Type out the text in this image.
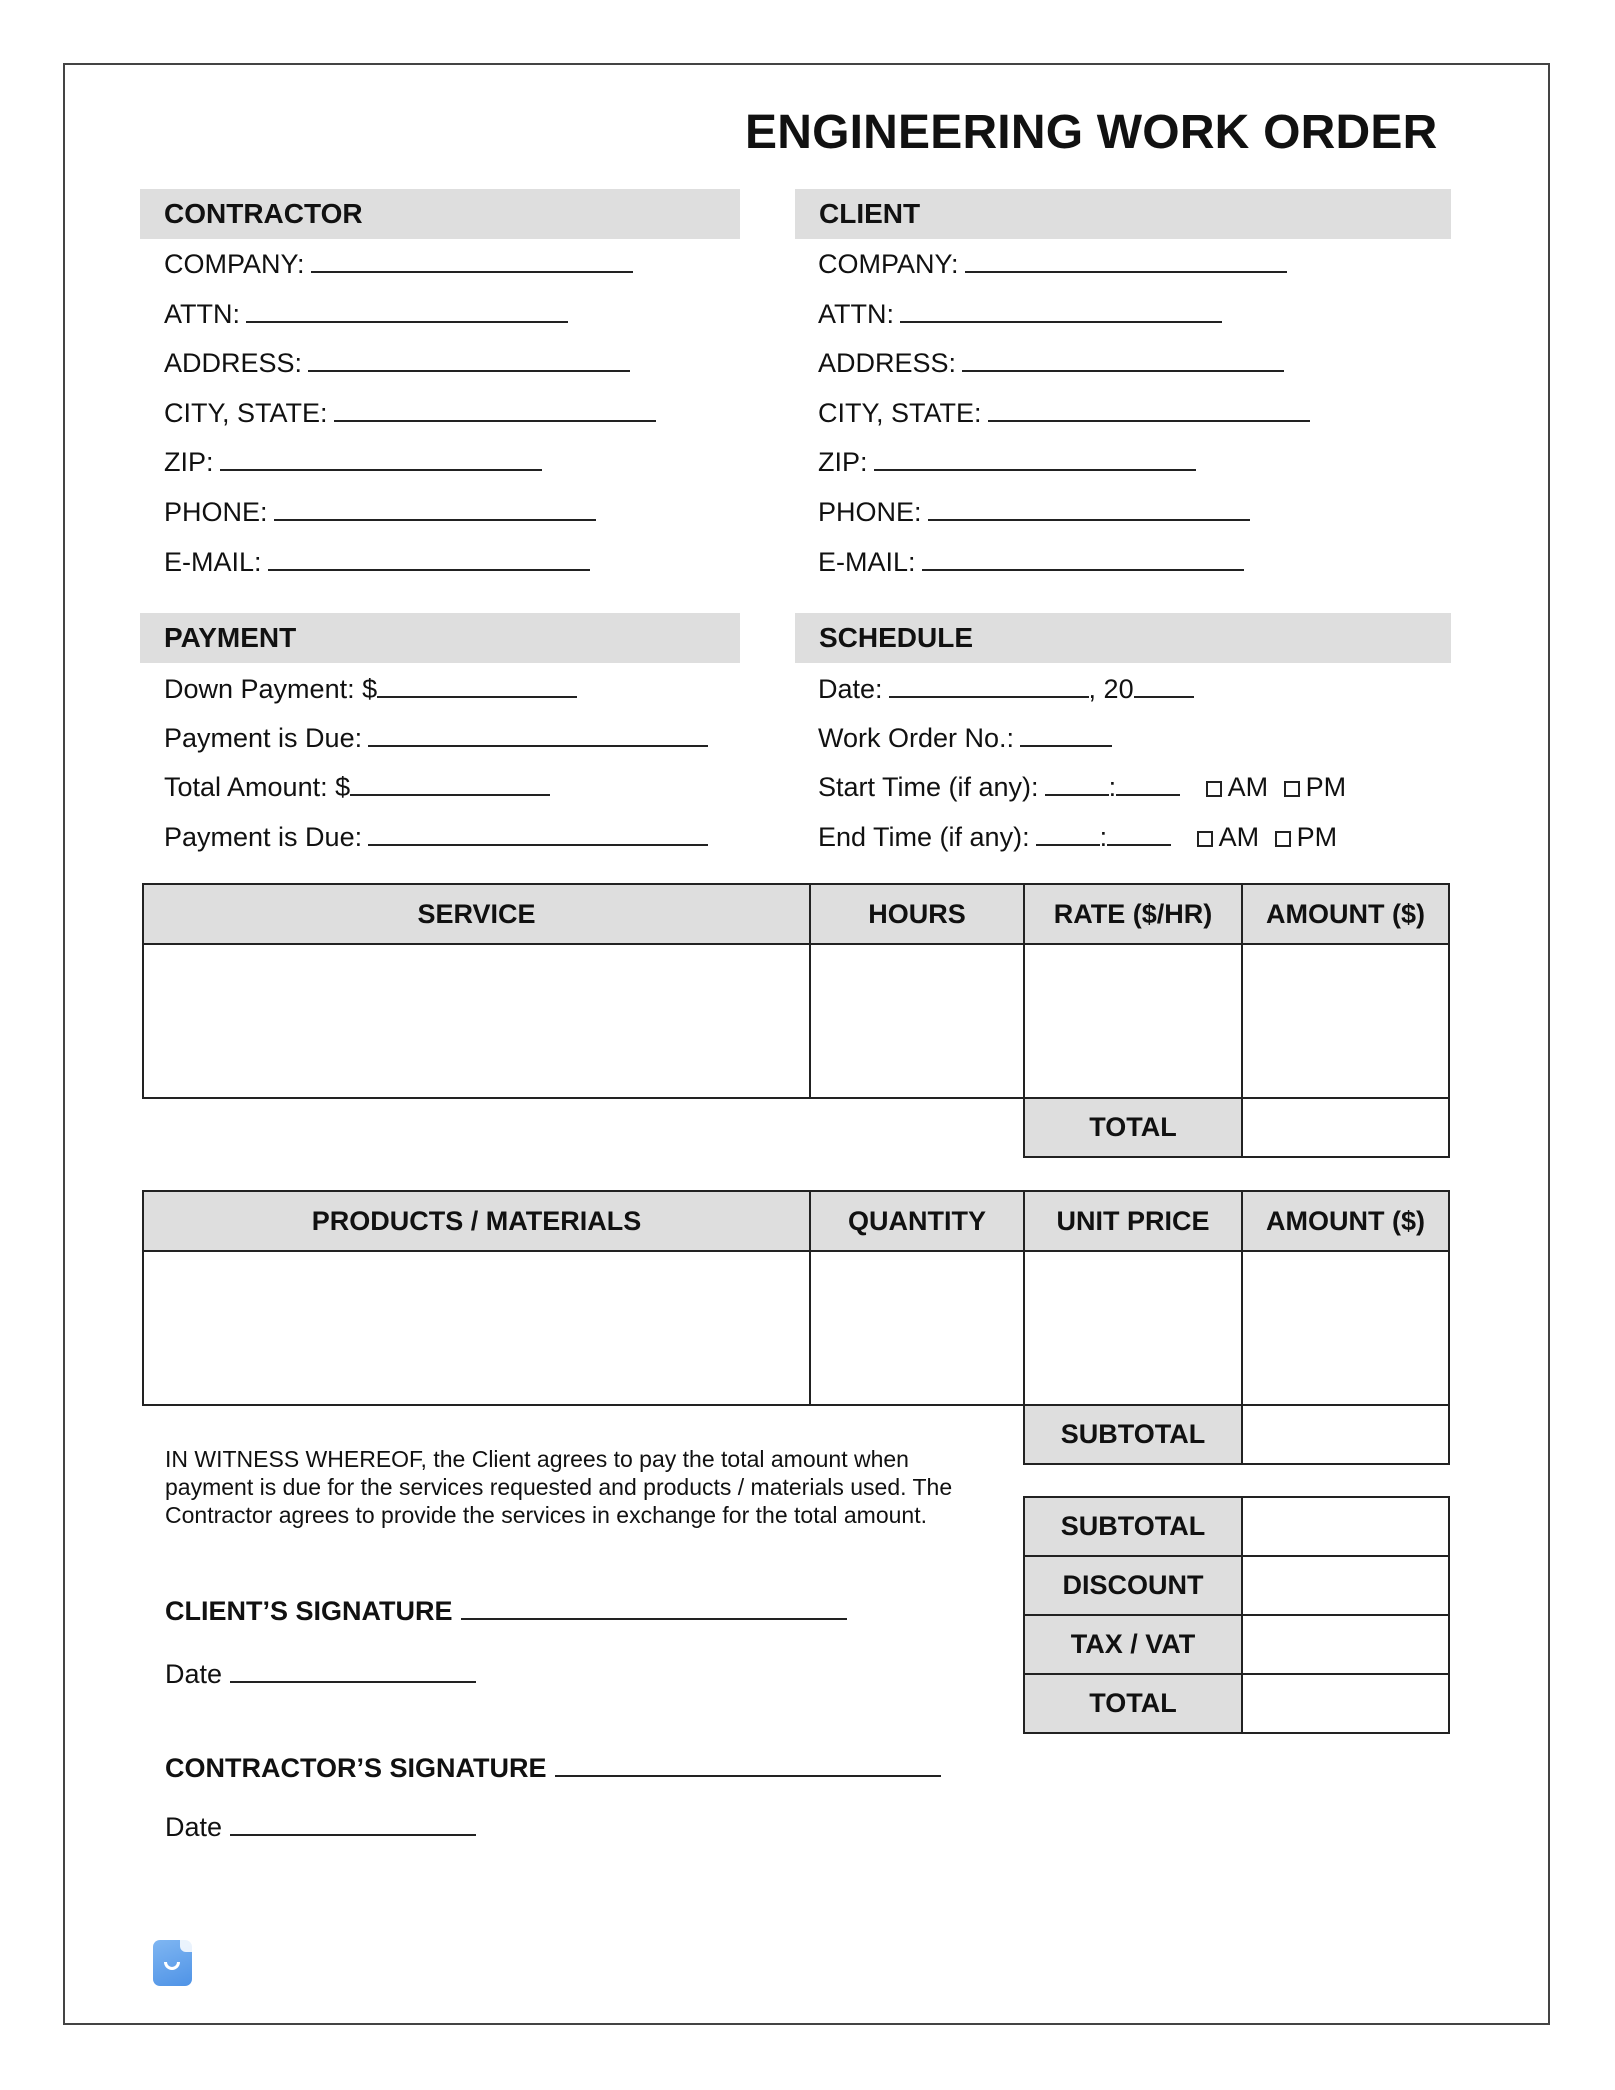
ENGINEERING WORK ORDER
CONTRACTOR
COMPANY:
ATTN:
ADDRESS:
CITY, STATE:
ZIP:
PHONE:
E-MAIL:
CLIENT
COMPANY:
ATTN:
ADDRESS:
CITY, STATE:
ZIP:
PHONE:
E-MAIL:
PAYMENT
Down Payment: $
Payment is Due:
Total Amount: $
Payment is Due:
SCHEDULE
Date:	, 20
Work Order No.:
Start Time (if any):	:	AM PM
End Time (if any):	:	AM PM
SERVICE	HOURS	RATE ($/HR)	AMOUNT ($)

		TOTAL	
PRODUCTS / MATERIALS	QUANTITY	UNIT PRICE	AMOUNT ($)

		SUBTOTAL	
SUBTOTAL	
DISCOUNT	
TAX / VAT	
TOTAL	
IN WITNESS WHEREOF, the Client agrees to pay the total amount when payment is due for the services requested and products / materials used. The Contractor agrees to provide the services in exchange for the total amount.
CLIENT’S SIGNATURE
Date
CONTRACTOR’S SIGNATURE
Date
